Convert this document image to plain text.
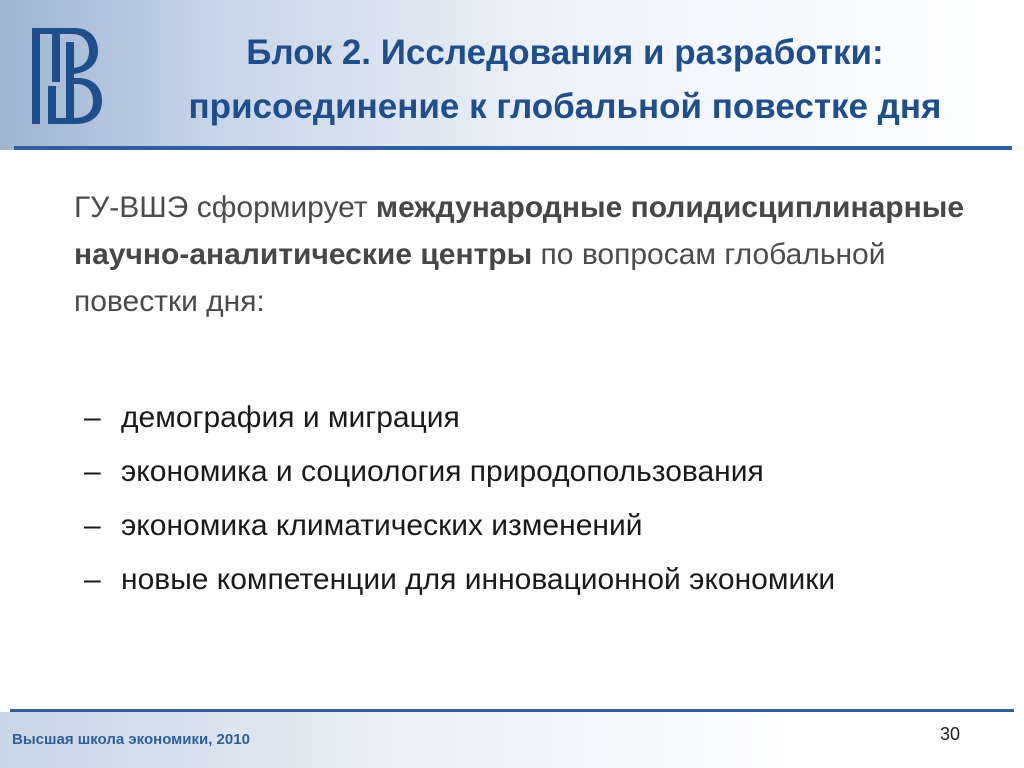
Блок 2. Исследования и разработки:
присоединение к глобальной повестке дня
ГУ-ВШЭ сформирует международные полидисциплинарные научно-аналитические центры по вопросам глобальной повестки дня:
– демография и миграция
– экономика и социология природопользования
– экономика климатических изменений
– новые компетенции для инновационной экономики
Высшая школа экономики, 2010	30
